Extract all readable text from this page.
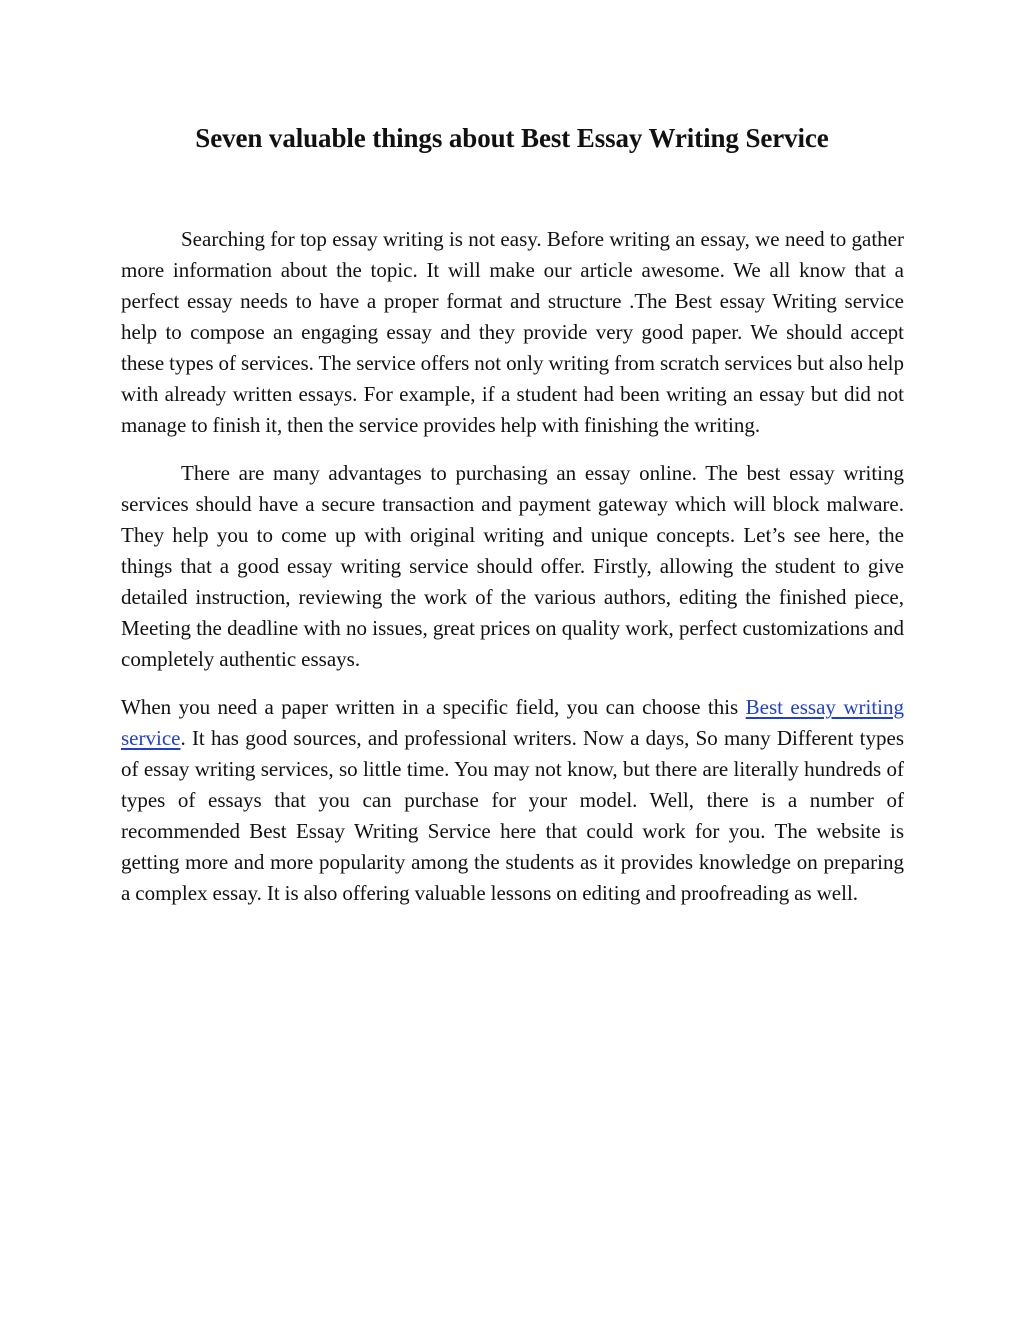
Seven valuable things about Best Essay Writing Service

Searching for top essay writing is not easy. Before writing an essay, we need to gather more information about the topic. It will make our article awesome. We all know that a perfect essay needs to have a proper format and structure .The Best essay Writing service help to compose an engaging essay and they provide very good paper. We should accept these types of services. The service offers not only writing from scratch services but also help with already written essays. For example, if a student had been writing an essay but did not manage to finish it, then the service provides help with finishing the writing.

There are many advantages to purchasing an essay online. The best essay writing services should have a secure transaction and payment gateway which will block malware. They help you to come up with original writing and unique concepts. Let’s see here, the things that a good essay writing service should offer. Firstly, allowing the student to give detailed instruction, reviewing the work of the various authors, editing the finished piece, Meeting the deadline with no issues, great prices on quality work, perfect customizations and completely authentic essays.

When you need a paper written in a specific field, you can choose this Best essay writing service. It has good sources, and professional writers. Now a days, So many Different types of essay writing services, so little time. You may not know, but there are literally hundreds of types of essays that you can purchase for your model. Well, there is a number of recommended Best Essay Writing Service here that could work for you. The website is getting more and more popularity among the students as it provides knowledge on preparing a complex essay. It is also offering valuable lessons on editing and proofreading as well.
